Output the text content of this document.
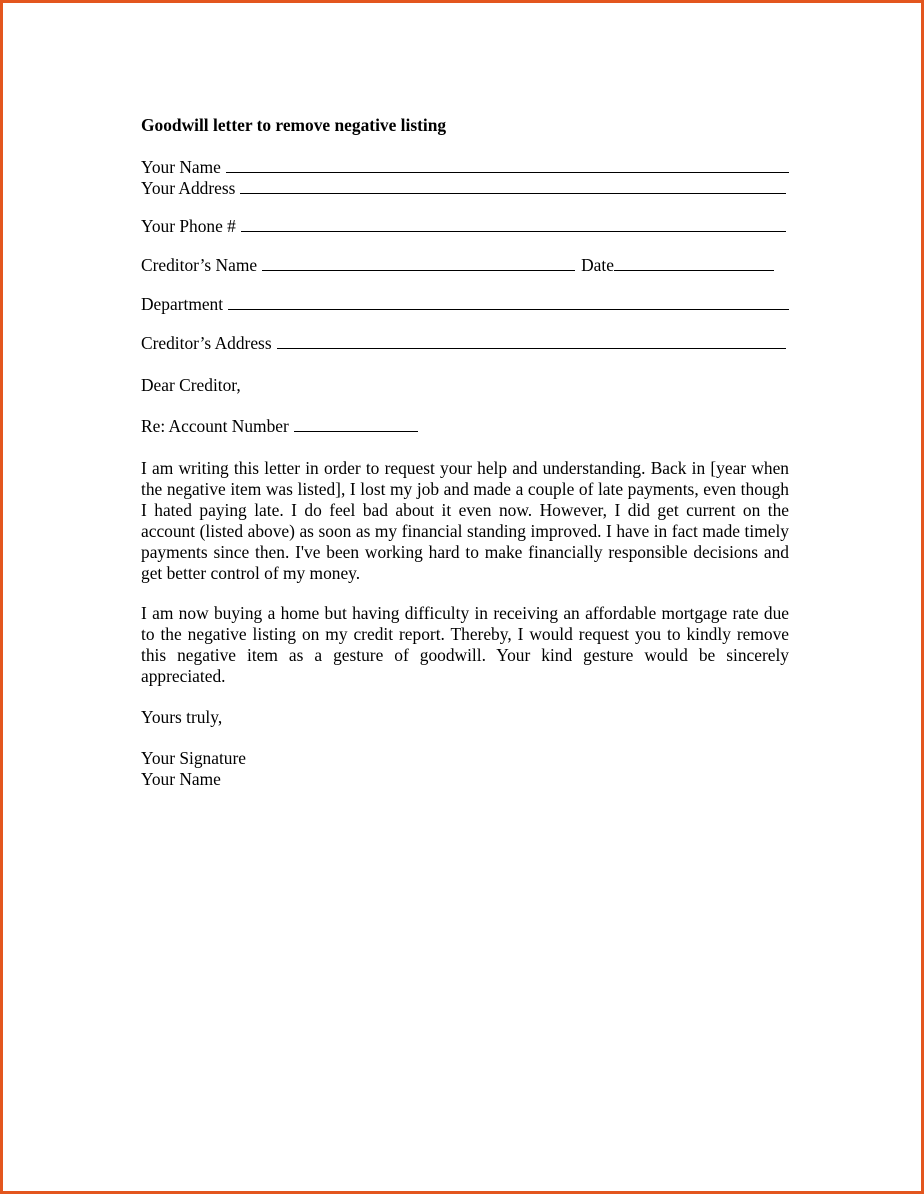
Goodwill letter to remove negative listing
Your Name
Your Address
Your Phone #
Creditor’s Name	Date
Department
Creditor’s Address
Dear Creditor,
Re: Account Number

I am writing this letter in order to request your help and understanding. Back in [year when the negative item was listed], I lost my job and made a couple of late payments, even though I hated paying late. I do feel bad about it even now. However, I did get current on the account (listed above) as soon as my financial standing improved. I have in fact made timely payments since then. I've been working hard to make financially responsible decisions and get better control of my money.

I am now buying a home but having difficulty in receiving an affordable mortgage rate due to the negative listing on my credit report. Thereby, I would request you to kindly remove this negative item as a gesture of goodwill. Your kind gesture would be sincerely appreciated.

Yours truly,
Your Signature
Your Name
